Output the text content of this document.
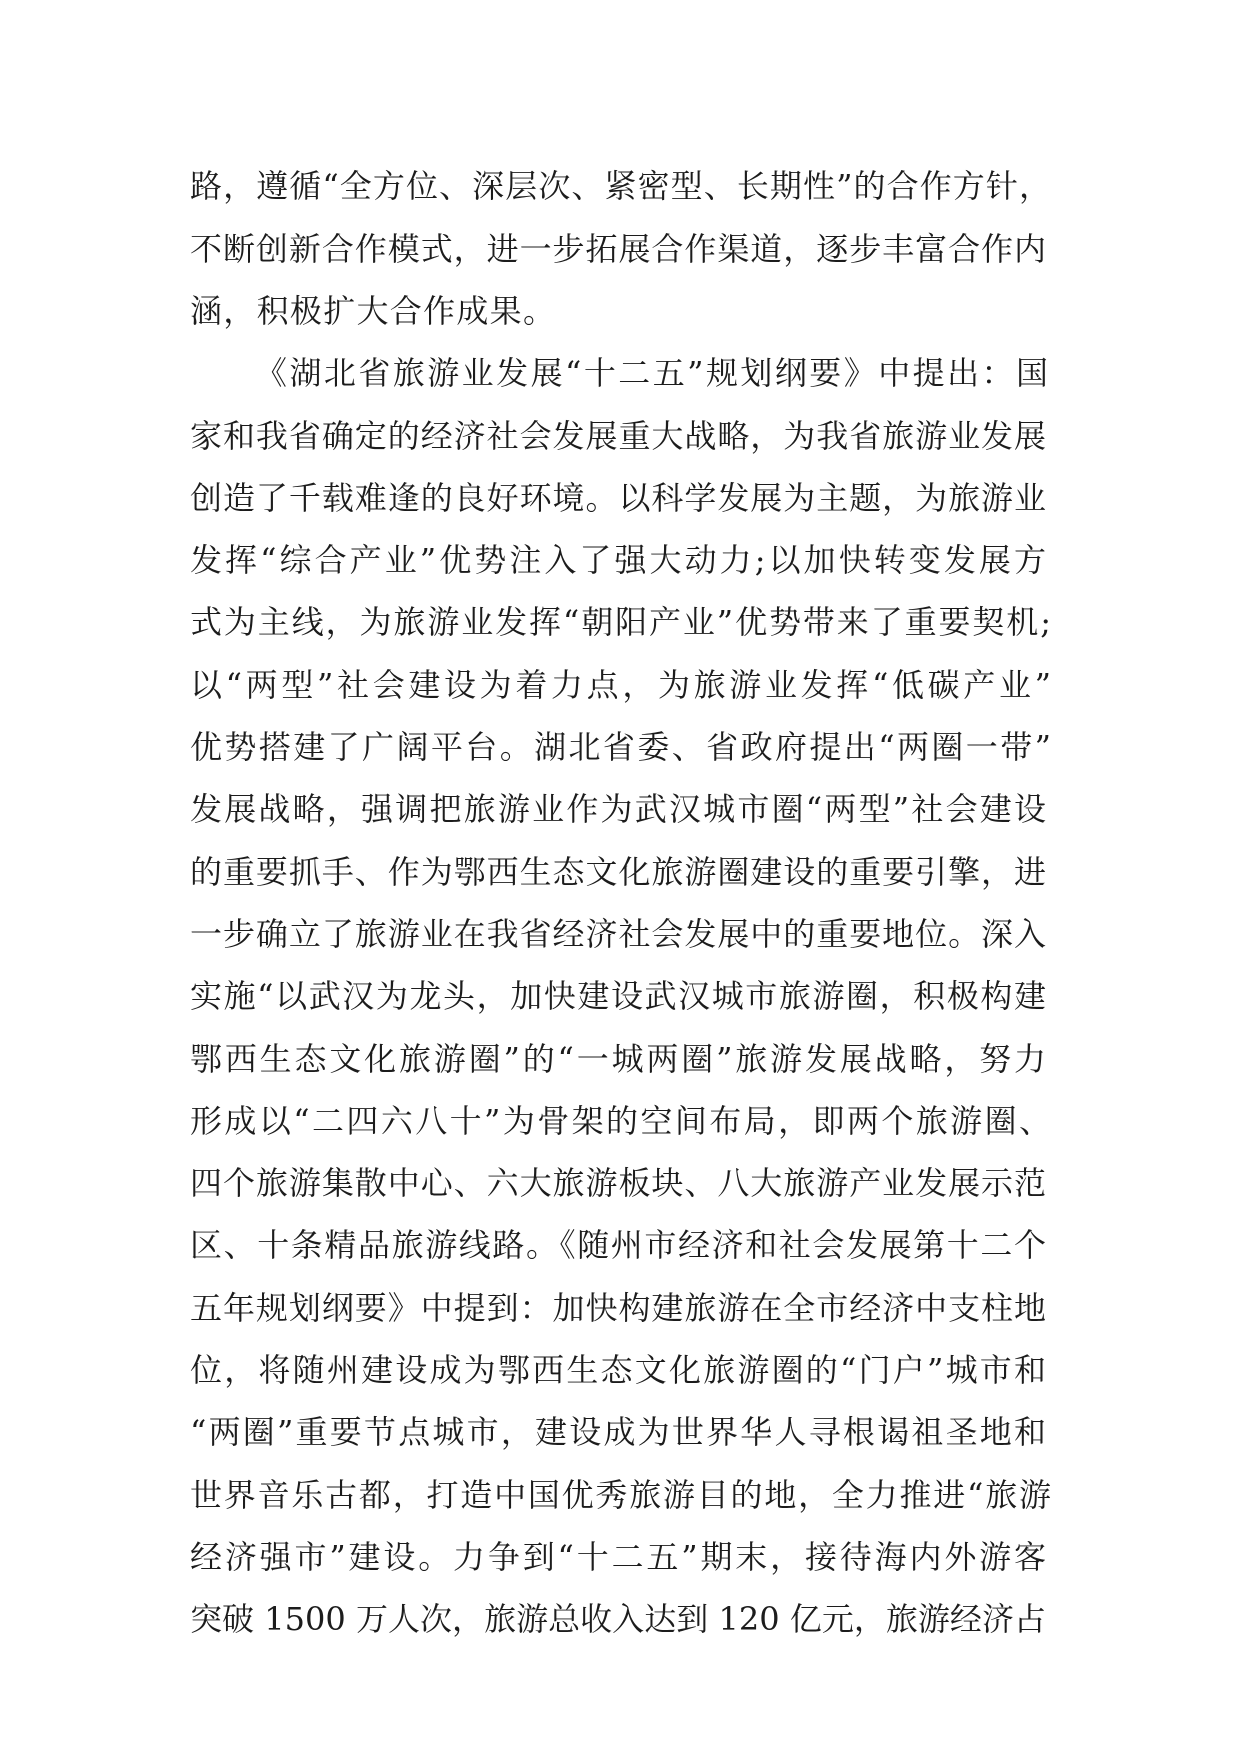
路，遵循“全方位、深层次、紧密型、长期性”的合作方针，
不断创新合作模式，进一步拓展合作渠道，逐步丰富合作内
涵，积极扩大合作成果。
《湖北省旅游业发展“十二五”规划纲要》中提出：国
家和我省确定的经济社会发展重大战略，为我省旅游业发展
创造了千载难逢的良好环境。以科学发展为主题，为旅游业
发挥“综合产业”优势注入了强大动力;以加快转变发展方
式为主线，为旅游业发挥“朝阳产业”优势带来了重要契机;
以“两型”社会建设为着力点，为旅游业发挥“低碳产业”
优势搭建了广阔平台。湖北省委、省政府提出“两圈一带”
发展战略，强调把旅游业作为武汉城市圈“两型”社会建设
的重要抓手、作为鄂西生态文化旅游圈建设的重要引擎，进
一步确立了旅游业在我省经济社会发展中的重要地位。深入
实施“以武汉为龙头，加快建设武汉城市旅游圈，积极构建
鄂西生态文化旅游圈”的“一城两圈”旅游发展战略，努力
形成以“二四六八十”为骨架的空间布局，即两个旅游圈、
四个旅游集散中心、六大旅游板块、八大旅游产业发展示范
区、十条精品旅游线路。《随州市经济和社会发展第十二个
五年规划纲要》中提到：加快构建旅游在全市经济中支柱地
位，将随州建设成为鄂西生态文化旅游圈的“门户”城市和
“两圈”重要节点城市，建设成为世界华人寻根谒祖圣地和
世界音乐古都，打造中国优秀旅游目的地，全力推进“旅游
经济强市”建设。力争到“十二五”期末，接待海内外游客
突破 1500 万人次，旅游总收入达到 120 亿元，旅游经济占
